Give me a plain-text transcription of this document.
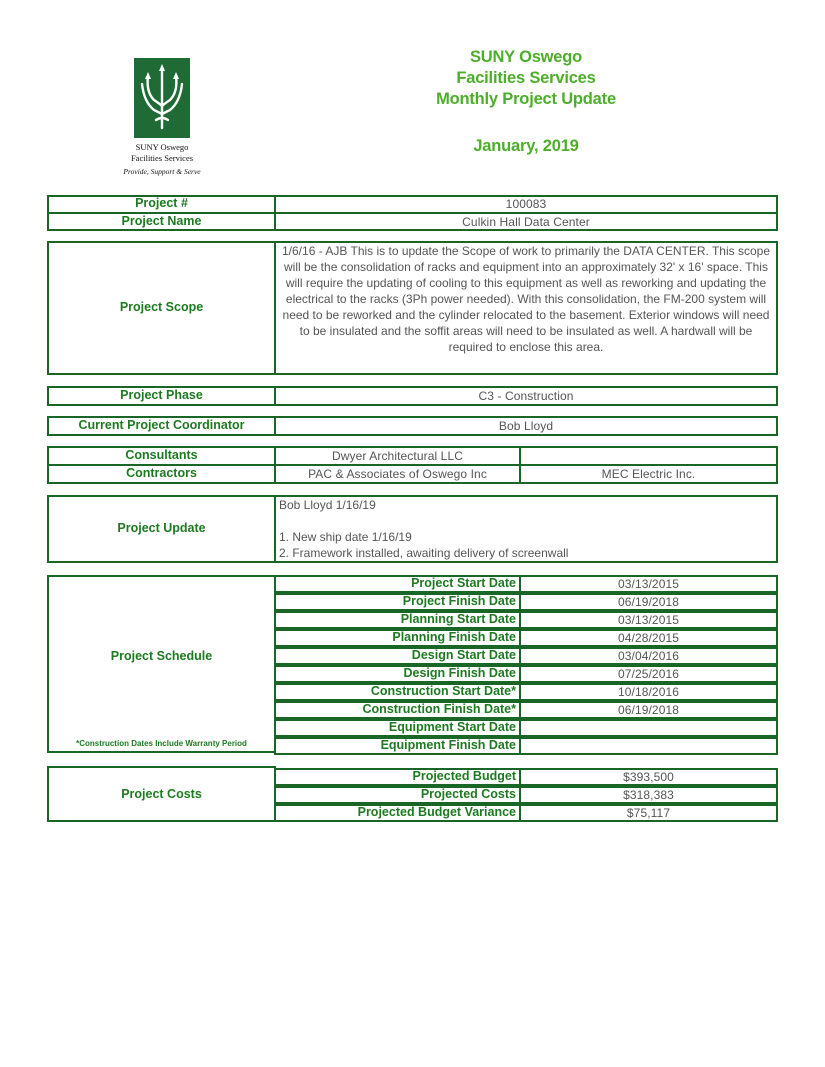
SUNY Oswego
Facilities Services
Provide, Support & Serve
SUNY Oswego
Facilities Services
Monthly Project Update
January, 2019
Project #	100083
Project Name	Culkin Hall Data Center
Project Scope
1/6/16 - AJB This is to update the Scope of work to primarily the DATA CENTER. This scope will be the consolidation of racks and equipment into an approximately 32' x 16' space. This will require the updating of cooling to this equipment as well as reworking and updating the electrical to the racks (3Ph power needed). With this consolidation, the FM-200 system will need to be reworked and the cylinder relocated to the basement. Exterior windows will need to be insulated and the soffit areas will need to be insulated as well. A hardwall will be required to enclose this area.
Project Phase	C3 - Construction
Current Project Coordinator	Bob Lloyd
Consultants	Dwyer Architectural LLC
Contractors	PAC & Associates of Oswego Inc	MEC Electric Inc.
Project Update
Bob Lloyd 1/16/19

1. New ship date 1/16/19
2. Framework installed, awaiting delivery of screenwall
Project Schedule
*Construction Dates Include Warranty Period
Project Start Date	03/13/2015
Project Finish Date	06/19/2018
Planning Start Date	03/13/2015
Planning Finish Date	04/28/2015
Design Start Date	03/04/2016
Design Finish Date	07/25/2016
Construction Start Date*	10/18/2016
Construction Finish Date*	06/19/2018
Equipment Start Date
Equipment Finish Date
Project Costs
Projected Budget	$393,500
Projected Costs	$318,383
Projected Budget Variance	$75,117
